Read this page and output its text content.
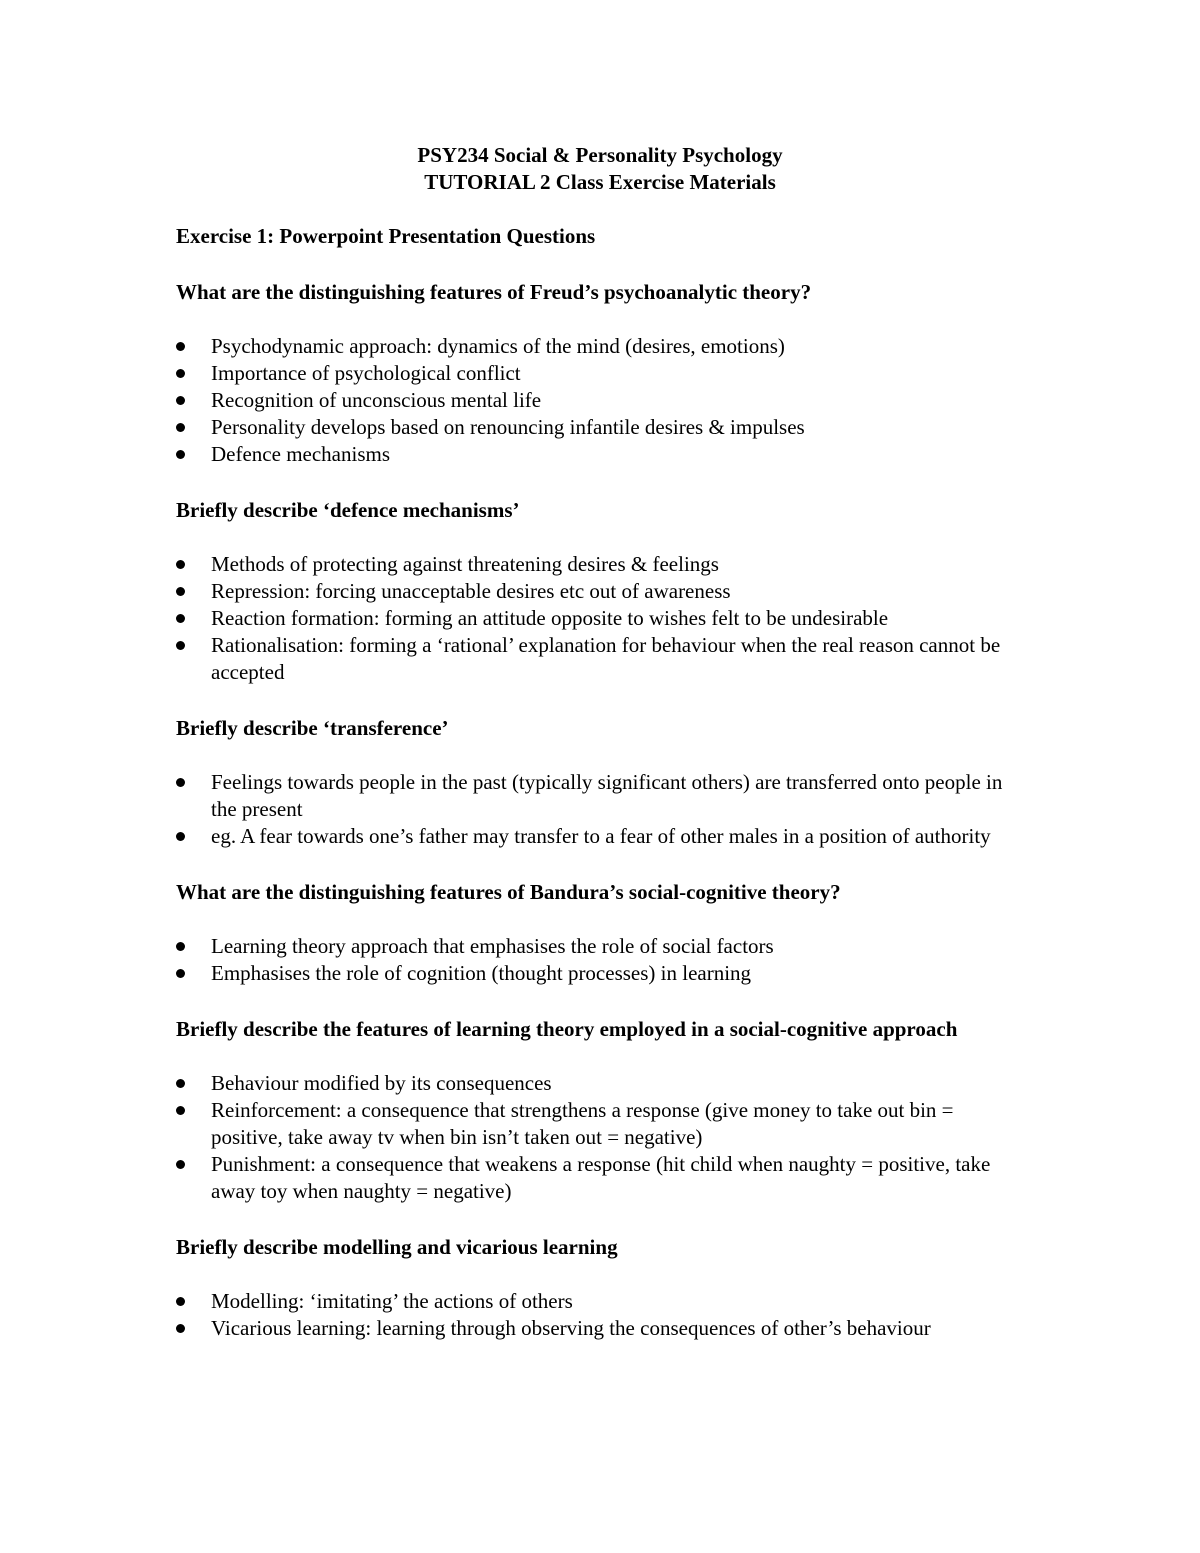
PSY234 Social & Personality Psychology
TUTORIAL 2 Class Exercise Materials
Exercise 1: Powerpoint Presentation Questions

What are the distinguishing features of Freud’s psychoanalytic theory?

Psychodynamic approach: dynamics of the mind (desires, emotions)
Importance of psychological conflict
Recognition of unconscious mental life
Personality develops based on renouncing infantile desires & impulses
Defence mechanisms

Briefly describe ‘defence mechanisms’

Methods of protecting against threatening desires & feelings
Repression: forcing unacceptable desires etc out of awareness
Reaction formation: forming an attitude opposite to wishes felt to be undesirable
Rationalisation: forming a ‘rational’ explanation for behaviour when the real reason cannot be accepted

Briefly describe ‘transference’

Feelings towards people in the past (typically significant others) are transferred onto people in the present
eg. A fear towards one’s father may transfer to a fear of other males in a position of authority

What are the distinguishing features of Bandura’s social-cognitive theory?

Learning theory approach that emphasises the role of social factors
Emphasises the role of cognition (thought processes) in learning

Briefly describe the features of learning theory employed in a social-cognitive approach

Behaviour modified by its consequences
Reinforcement: a consequence that strengthens a response (give money to take out bin = positive, take away tv when bin isn’t taken out = negative)
Punishment: a consequence that weakens a response (hit child when naughty = positive, take away toy when naughty = negative)

Briefly describe modelling and vicarious learning

Modelling: ‘imitating’ the actions of others
Vicarious learning: learning through observing the consequences of other’s behaviour
